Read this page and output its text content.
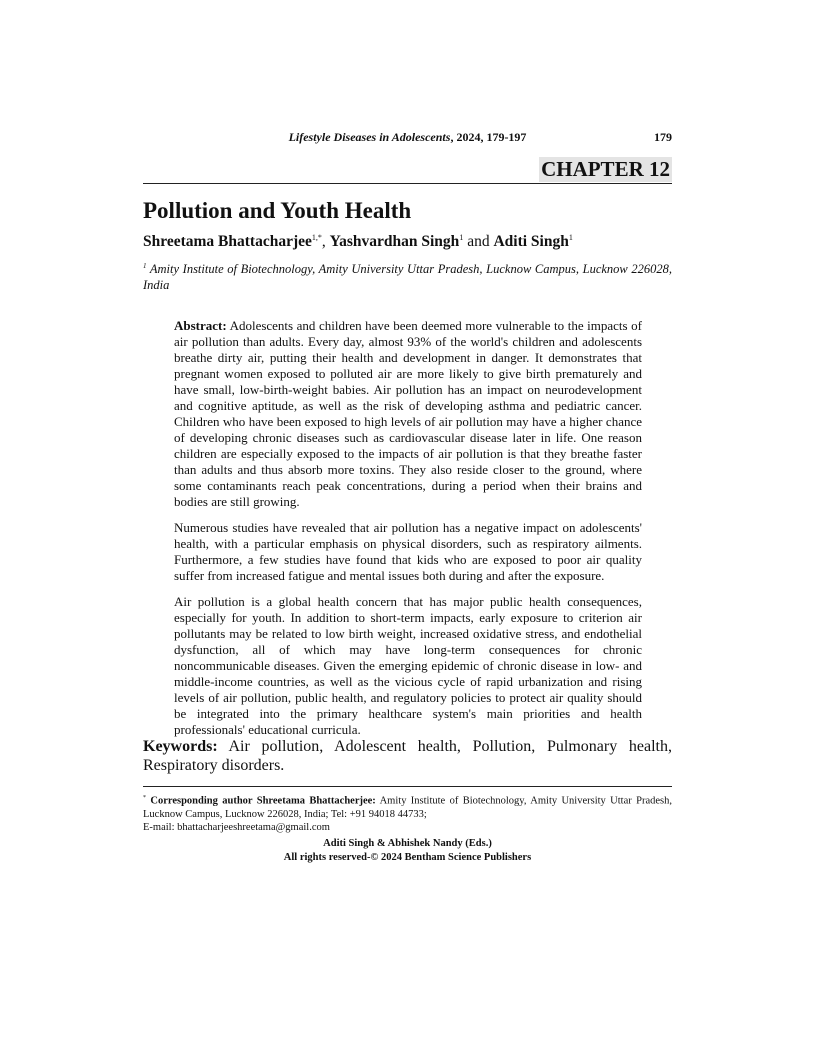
Lifestyle Diseases in Adolescents, 2024, 179-197	179
CHAPTER 12
Pollution and Youth Health
Shreetama Bhattacharjee$^{1,*}$, Yashvardhan Singh$^1$ and Aditi Singh$^1$
$^1$ Amity Institute of Biotechnology, Amity University Uttar Pradesh, Lucknow Campus, Lucknow 226028, India

Abstract: Adolescents and children have been deemed more vulnerable to the impacts of air pollution than adults. Every day, almost 93% of the world's children and adolescents breathe dirty air, putting their health and development in danger. It demonstrates that pregnant women exposed to polluted air are more likely to give birth prematurely and have small, low-birth-weight babies. Air pollution has an impact on neurodevelopment and cognitive aptitude, as well as the risk of developing asthma and pediatric cancer. Children who have been exposed to high levels of air pollution may have a higher chance of developing chronic diseases such as cardiovascular disease later in life. One reason children are especially exposed to the impacts of air pollution is that they breathe faster than adults and thus absorb more toxins. They also reside closer to the ground, where some contaminants reach peak concentrations, during a period when their brains and bodies are still growing.

Numerous studies have revealed that air pollution has a negative impact on adolescents' health, with a particular emphasis on physical disorders, such as respiratory ailments. Furthermore, a few studies have found that kids who are exposed to poor air quality suffer from increased fatigue and mental issues both during and after the exposure.

Air pollution is a global health concern that has major public health consequences, especially for youth. In addition to short-term impacts, early exposure to criterion air pollutants may be related to low birth weight, increased oxidative stress, and endothelial dysfunction, all of which may have long-term consequences for chronic noncommunicable diseases. Given the emerging epidemic of chronic disease in low- and middle-income countries, as well as the vicious cycle of rapid urbanization and rising levels of air pollution, public health, and regulatory policies to protect air quality should be integrated into the primary healthcare system's main priorities and health professionals' educational curricula.

Keywords: Air pollution, Adolescent health, Pollution, Pulmonary health, Respiratory disorders.
* Corresponding author Shreetama Bhattacherjee: Amity Institute of Biotechnology, Amity University Uttar Pradesh, Lucknow Campus, Lucknow 226028, India; Tel: +91 94018 44733;
E-mail: bhattacharjeeshreetama@gmail.com
Aditi Singh & Abhishek Nandy (Eds.)
All rights reserved-© 2024 Bentham Science Publishers
